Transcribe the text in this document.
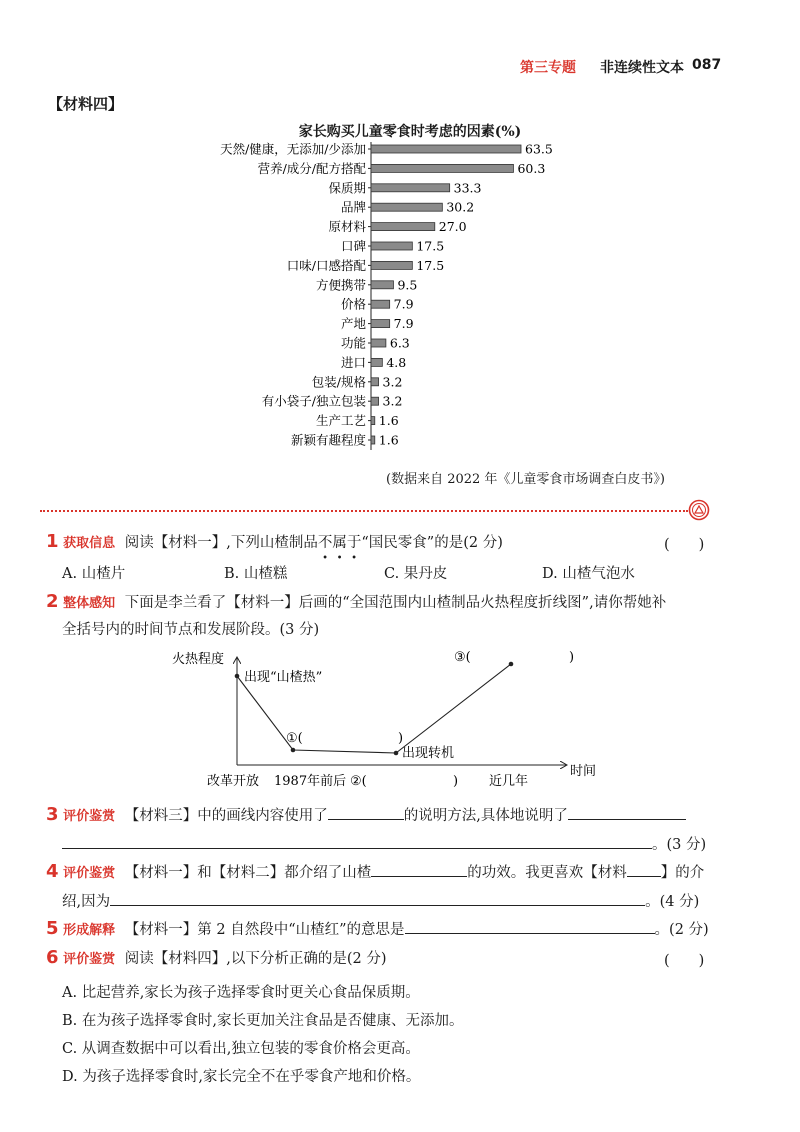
第三专题 非连续性文本 087
【材料四】
家长购买儿童零食时考虑的因素(%)
天然/健康，无添加/少添加	63.5
营养/成分/配方搭配	60.3
保质期	33.3
品牌	30.2
原材料	27.0
口碑	17.5
口味/口感搭配	17.5
方便携带	9.5
价格 7.9
产地 7.9
功能 6.3
进口 4.8
包装/规格 3.2
有小袋子/独立包装 3.2
生产工艺 1.6
新颖有趣程度 1.6
(数据来自 2022 年《儿童零食市场调查白皮书》)
1 获取信息 阅读【材料一】,下列山楂制品不属于“国民零食”的是(2 分)	(　　)
A. 山楂片	B. 山楂糕	C. 果丹皮	D. 山楂气泡水
2 整体感知 下面是李兰看了【材料一】后画的“全国范围内山楂制品火热程度折线图”,请你帮她补
全括号内的时间节点和发展阶段。(3 分)
火热程度
出现“山楂热”
①(	)
出现转机
③(	)
改革开放 1987年前后 ②(	) 近几年
时间
3 评价鉴赏 【材料三】中的画线内容使用了	的说明方法,具体地说明了
。(3 分)
4 评价鉴赏 【材料一】和【材料二】都介绍了山楂	的功效。我更喜欢【材料 】的介
绍,因为	。(4 分)
5 形成解释 【材料一】第 2 自然段中“山楂红”的意思是	。(2 分)
6 评价鉴赏 阅读【材料四】,以下分析正确的是(2 分)	(　　)
A. 比起营养,家长为孩子选择零食时更关心食品保质期。
B. 在为孩子选择零食时,家长更加关注食品是否健康、无添加。
C. 从调查数据中可以看出,独立包装的零食价格会更高。
D. 为孩子选择零食时,家长完全不在乎零食产地和价格。
